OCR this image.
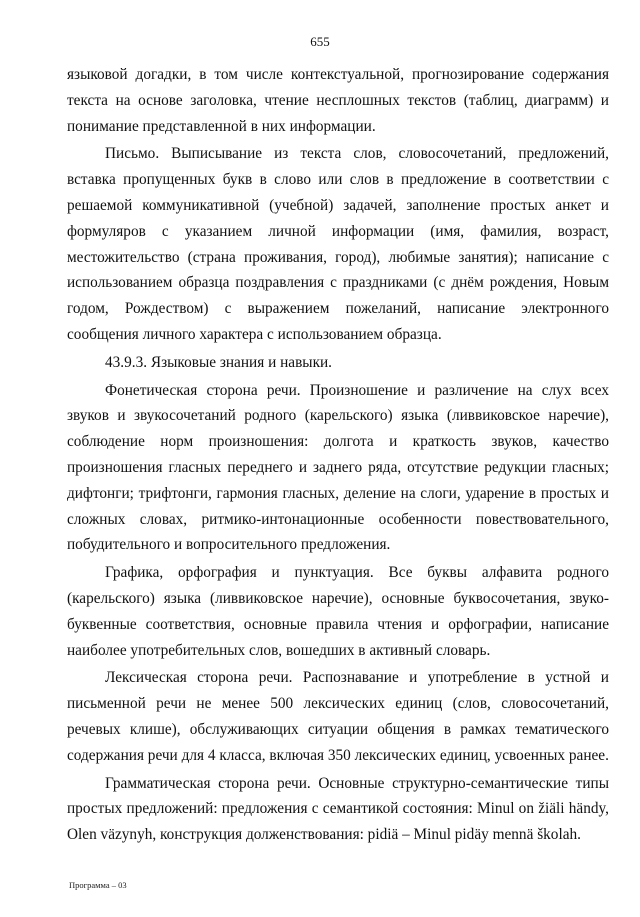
655

языковой догадки, в том числе контекстуальной, прогнозирование содержания текста на основе заголовка, чтение несплошных текстов (таблиц, диаграмм) и понимание представленной в них информации.

Письмо. Выписывание из текста слов, словосочетаний, предложений, вставка пропущенных букв в слово или слов в предложение в соответствии с решаемой коммуникативной (учебной) задачей, заполнение простых анкет и формуляров с указанием личной информации (имя, фамилия, возраст, местожительство (страна проживания, город), любимые занятия); написание с использованием образца поздравления с праздниками (с днём рождения, Новым годом, Рождеством) с выражением пожеланий, написание электронного сообщения личного характера с использованием образца.

43.9.3. Языковые знания и навыки.

Фонетическая сторона речи. Произношение и различение на слух всех звуков и звукосочетаний родного (карельского) языка (ливвиковское наречие), соблюдение норм произношения: долгота и краткость звуков, качество произношения гласных переднего и заднего ряда, отсутствие редукции гласных; дифтонги; трифтонги, гармония гласных, деление на слоги, ударение в простых и сложных словах, ритмико-интонационные особенности повествовательного, побудительного и вопросительного предложения.

Графика, орфография и пунктуация. Все буквы алфавита родного (карельского) языка (ливвиковское наречие), основные буквосочетания, звуко-буквенные соответствия, основные правила чтения и орфографии, написание наиболее употребительных слов, вошедших в активный словарь.

Лексическая сторона речи. Распознавание и употребление в устной и письменной речи не менее 500 лексических единиц (слов, словосочетаний, речевых клише), обслуживающих ситуации общения в рамках тематического содержания речи для 4 класса, включая 350 лексических единиц, усвоенных ранее.

Грамматическая сторона речи. Основные структурно-семантические типы простых предложений: предложения с семантикой состояния: Minul on žiäli händy, Olen väzynyh, конструкция долженствования: pidiä – Minul pidäy mennä školah.

Программа – 03
